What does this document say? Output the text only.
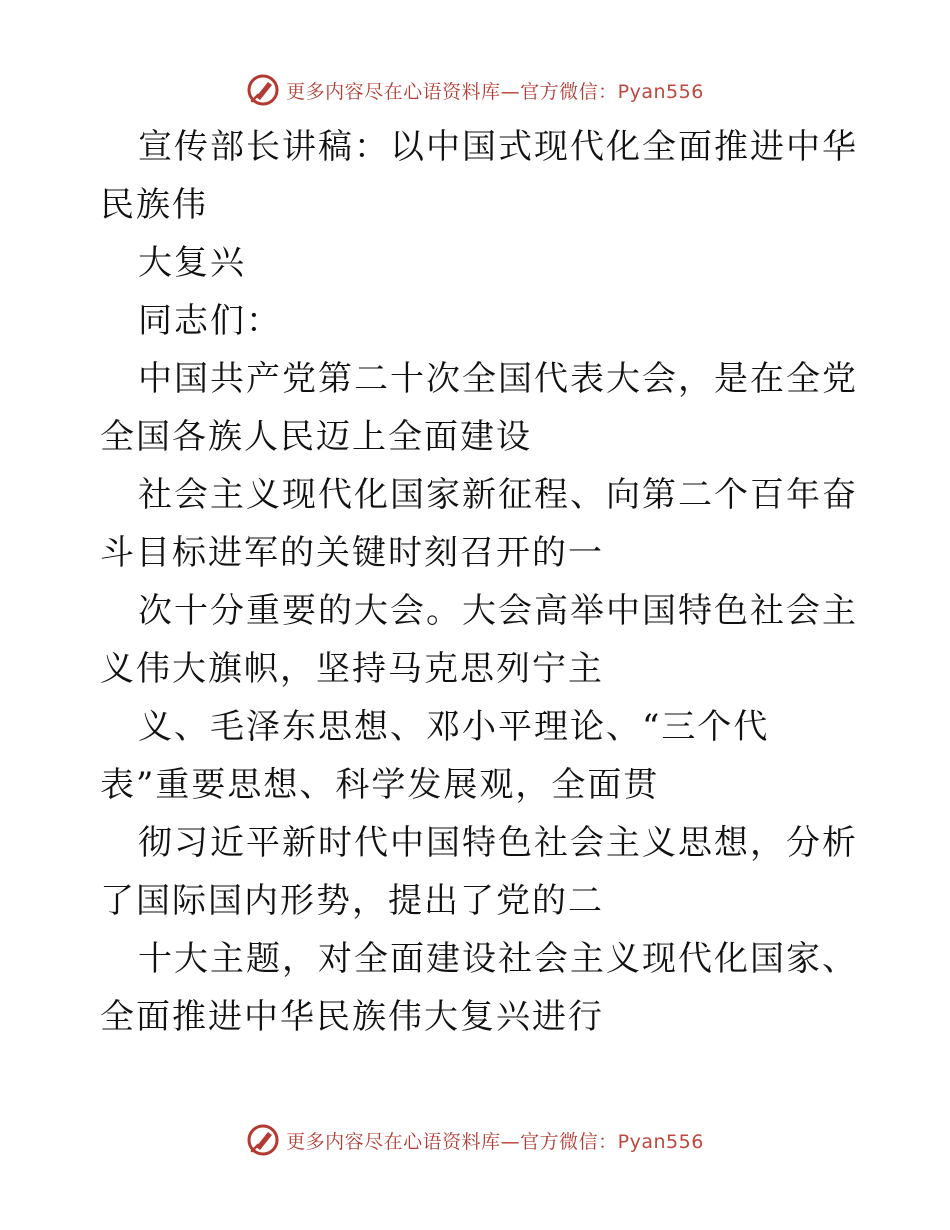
更多内容尽在心语资料库—官方微信：Pyan556

宣传部长讲稿：以中国式现代化全面推进中华民族伟

大复兴

同志们：

中国共产党第二十次全国代表大会，是在全党全国各族人民迈上全面建设

社会主义现代化国家新征程、向第二个百年奋斗目标进军的关键时刻召开的一

次十分重要的大会。大会高举中国特色社会主义伟大旗帜，坚持马克思列宁主

义、毛泽东思想、邓小平理论、“三个代表”重要思想、科学发展观，全面贯

彻习近平新时代中国特色社会主义思想，分析了国际国内形势，提出了党的二

十大主题，对全面建设社会主义现代化国家、全面推进中华民族伟大复兴进行

更多内容尽在心语资料库—官方微信：Pyan556
